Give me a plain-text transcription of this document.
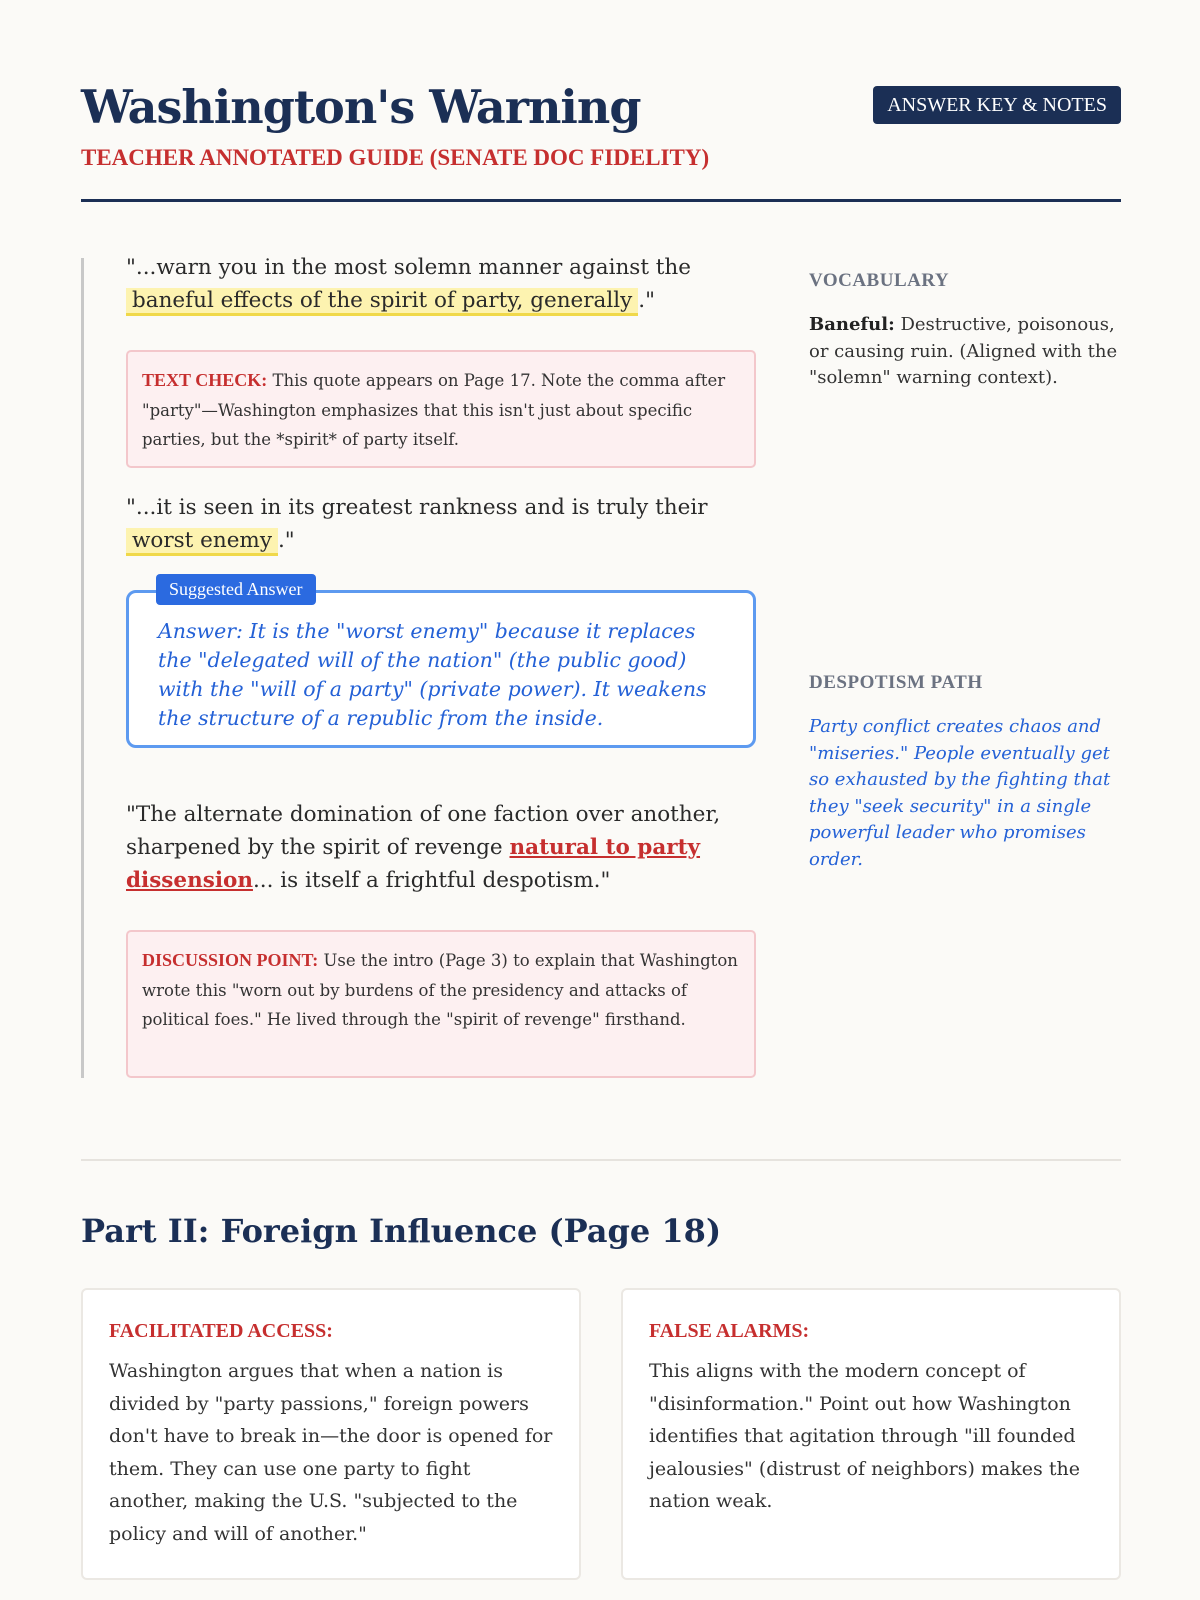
Washington's Warning
TEACHER ANNOTATED GUIDE (SENATE DOC FIDELITY)
ANSWER KEY & NOTES
"...warn you in the most solemn manner against the baneful effects of the spirit of party, generally ."
TEXT CHECK: This quote appears on Page 17. Note the comma after "party"—Washington emphasizes that this isn't just about specific parties, but the *spirit* of party itself.
"...it is seen in its greatest rankness and is truly their worst enemy ."
Answer: It is the "worst enemy" because it replaces the "delegated will of the nation" (the public good) with the "will of a party" (private power). It weakens the structure of a republic from the inside.
Suggested Answer
"The alternate domination of one faction over another, sharpened by the spirit of revenge natural to party dissension... is itself a frightful despotism."
DISCUSSION POINT: Use the intro (Page 3) to explain that Washington wrote this "worn out by burdens of the presidency and attacks of political foes." He lived through the "spirit of revenge" firsthand.
VOCABULARY
Baneful: Destructive, poisonous, or causing ruin. (Aligned with the "solemn" warning context).
DESPOTISM PATH
Party conflict creates chaos and "miseries." People eventually get so exhausted by the fighting that they "seek security" in a single powerful leader who promises order.
Part II: Foreign Influence (Page 18)
FACILITATED ACCESS:
Washington argues that when a nation is divided by "party passions," foreign powers don't have to break in—the door is opened for them. They can use one party to fight another, making the U.S. "subjected to the policy and will of another."
FALSE ALARMS:
This aligns with the modern concept of "disinformation." Point out how Washington identifies that agitation through "ill founded jealousies" (distrust of neighbors) makes the nation weak.
